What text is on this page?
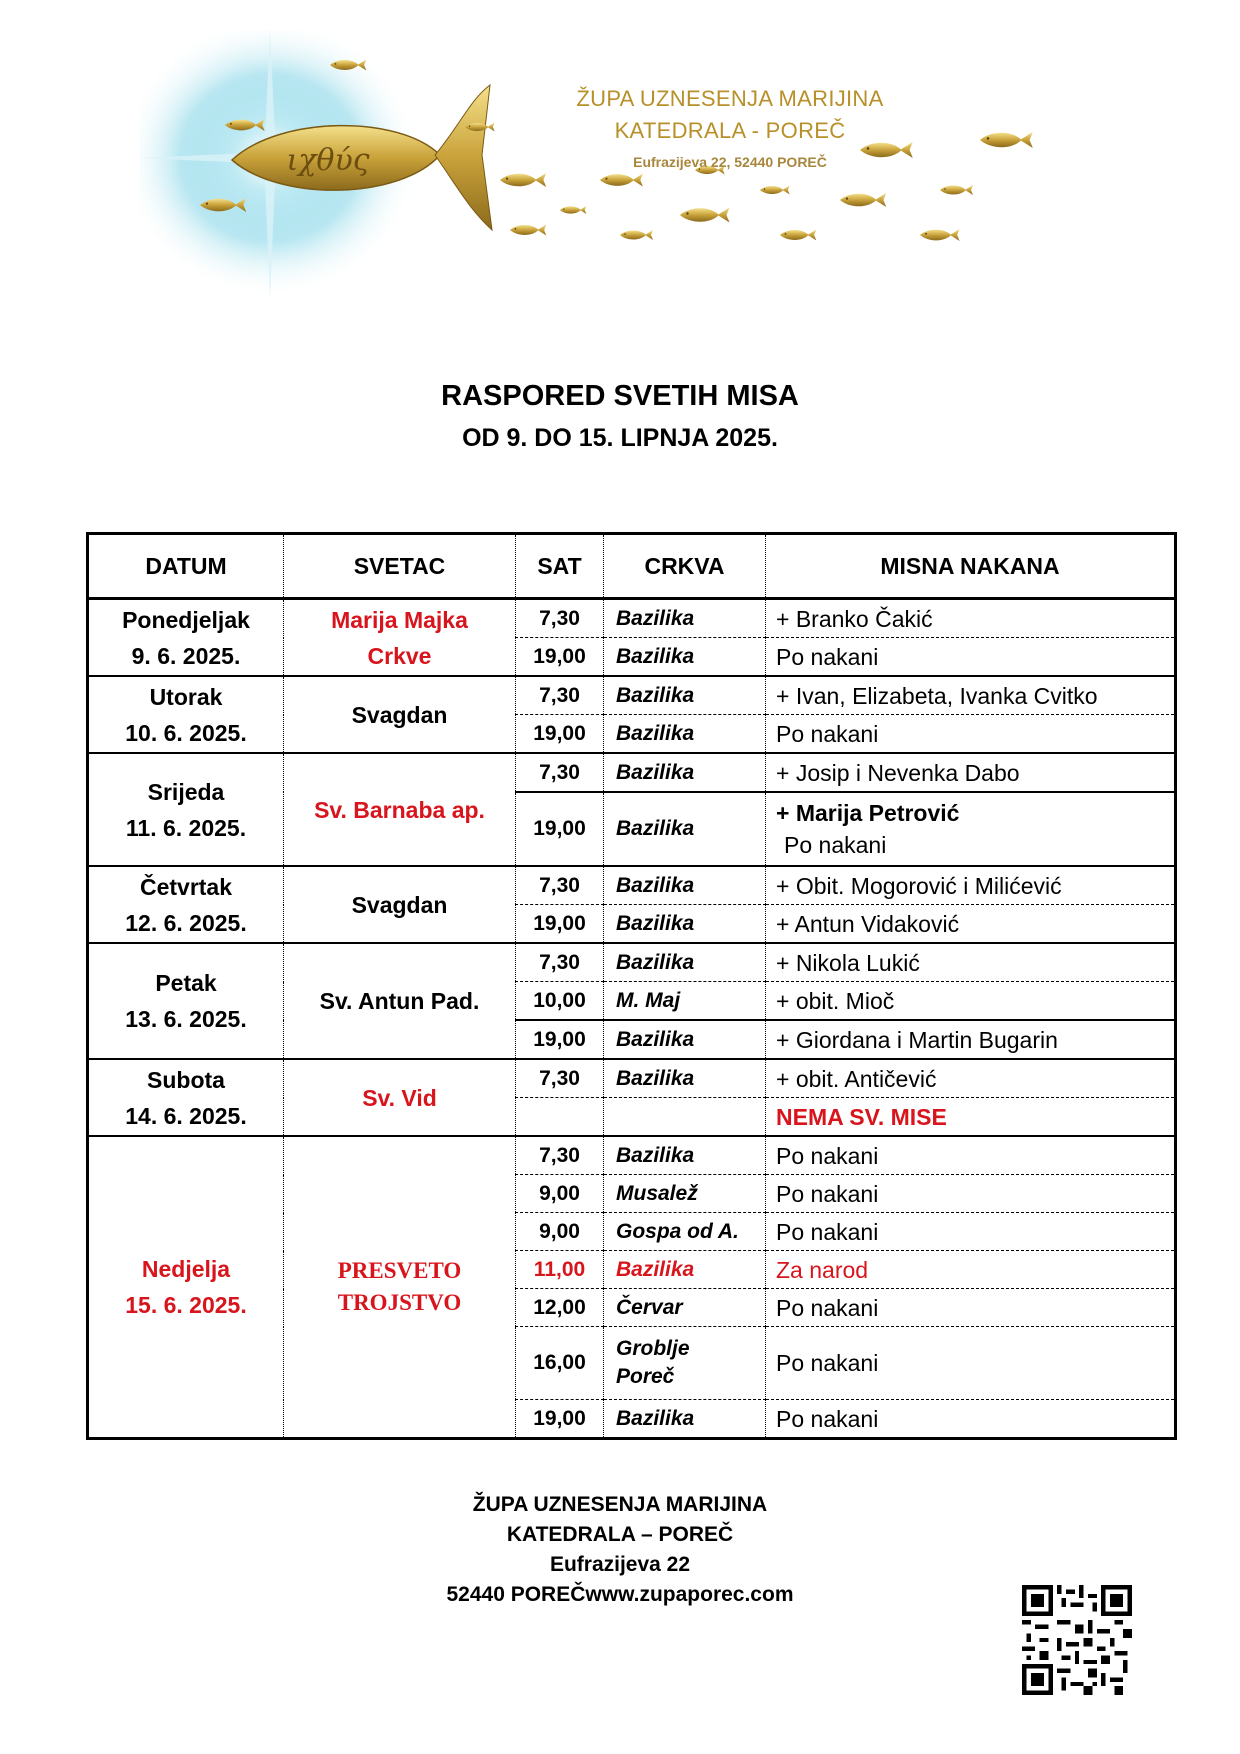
ιχθύς
ŽUPA UZNESENJA MARIJINA
KATEDRALA - POREČ
Eufrazijeva 22, 52440 POREČ
RASPORED SVETIH MISA
OD 9. DO 15. LIPNJA 2025.
DATUM	SVETAC	SAT	CRKVA	MISNA NAKANA

Ponedjeljak
9. 6. 2025.	Marija Majka Crkve	7,30	Bazilika	+ Branko Čakić
		19,00	Bazilika	Po nakani

Utorak
10. 6. 2025.	Svagdan	7,30	Bazilika	+ Ivan, Elizabeta, Ivanka Cvitko
		19,00	Bazilika	Po nakani

Srijeda
11. 6. 2025.	Sv. Barnaba ap.	7,30	Bazilika	+ Josip i Nevenka Dabo
		19,00	Bazilika	+ Marija Petrović
Po nakani

Četvrtak
12. 6. 2025.	Svagdan	7,30	Bazilika	+ Obit. Mogorović i Milićević
		19,00	Bazilika	+ Antun Vidaković

Petak
13. 6. 2025.	Sv. Antun Pad.	7,30	Bazilika	+ Nikola Lukić
		10,00	M. Maj	+ obit. Mioč
		19,00	Bazilika	+ Giordana i Martin Bugarin

Subota
14. 6. 2025.	Sv. Vid	7,30	Bazilika	+ obit. Antičević
				NEMA SV. MISE

Nedjelja
15. 6. 2025.	PRESVETO
TROJSTVO	7,30	Bazilika	Po nakani
		9,00	Musalež	Po nakani
		9,00	Gospa od A.	Po nakani
		11,00	Bazilika	Za narod
		12,00	Červar	Po nakani
		16,00	Groblje
Poreč	Po nakani
		19,00	Bazilika	Po nakani
ŽUPA UZNESENJA MARIJINA
KATEDRALA – POREČ
Eufrazijeva 22
52440 POREČwww.zupaporec.com
